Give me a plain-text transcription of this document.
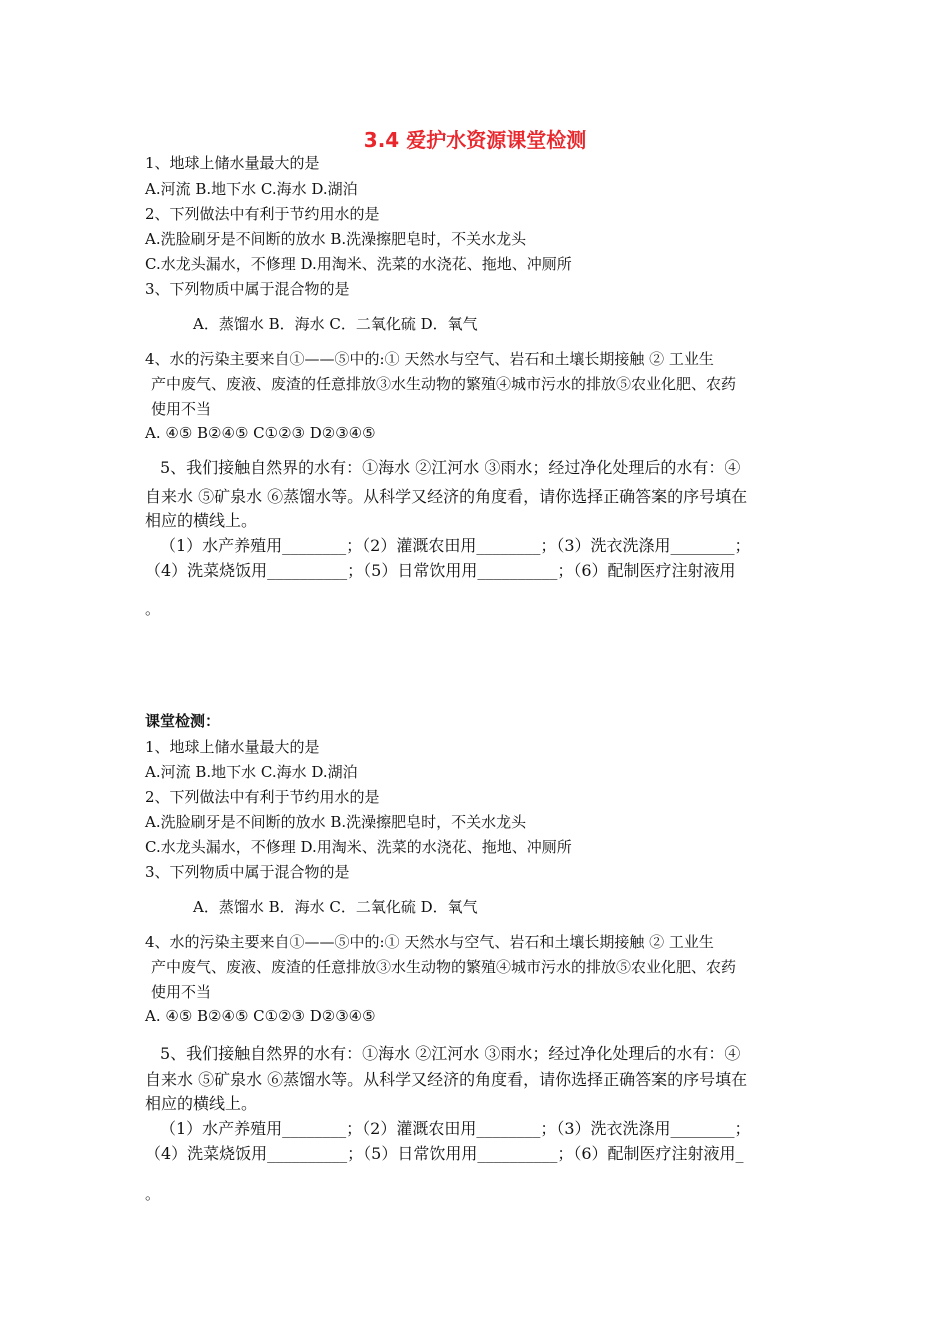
3.4 爱护水资源课堂检测
1、地球上储水量最大的是
A.河流 B.地下水 C.海水 D.湖泊
2、下列做法中有利于节约用水的是
A.洗脸刷牙是不间断的放水 B.洗澡擦肥皂时，不关水龙头
C.水龙头漏水，不修理 D.用淘米、洗菜的水浇花、拖地、冲厕所
3、下列物质中属于混合物的是
A．蒸馏水 B．海水 C．二氧化硫 D．氧气
4、水的污染主要来自①——⑤中的:① 天然水与空气、岩石和土壤长期接触 ② 工业生
产中废气、废液、废渣的任意排放③水生动物的繁殖④城市污水的排放⑤农业化肥、农药
使用不当
A. ④⑤ B②④⑤ C①②③ D②③④⑤
5、我们接触自然界的水有：①海水 ②江河水 ③雨水；经过净化处理后的水有：④
自来水 ⑤矿泉水 ⑥蒸馏水等。从科学又经济的角度看，请你选择正确答案的序号填在
相应的横线上。
（1）水产养殖用________；（2）灌溉农田用________；（3）洗衣洗涤用________；
（4）洗菜烧饭用__________；（5）日常饮用用__________；（6）配制医疗注射液用
。
课堂检测：
1、地球上储水量最大的是
A.河流 B.地下水 C.海水 D.湖泊
2、下列做法中有利于节约用水的是
A.洗脸刷牙是不间断的放水 B.洗澡擦肥皂时，不关水龙头
C.水龙头漏水，不修理 D.用淘米、洗菜的水浇花、拖地、冲厕所
3、下列物质中属于混合物的是
A．蒸馏水 B．海水 C．二氧化硫 D．氧气
4、水的污染主要来自①——⑤中的:① 天然水与空气、岩石和土壤长期接触 ② 工业生
产中废气、废液、废渣的任意排放③水生动物的繁殖④城市污水的排放⑤农业化肥、农药
使用不当
A. ④⑤ B②④⑤ C①②③ D②③④⑤
5、我们接触自然界的水有：①海水 ②江河水 ③雨水；经过净化处理后的水有：④
自来水 ⑤矿泉水 ⑥蒸馏水等。从科学又经济的角度看，请你选择正确答案的序号填在
相应的横线上。
（1）水产养殖用________；（2）灌溉农田用________；（3）洗衣洗涤用________；
（4）洗菜烧饭用__________；（5）日常饮用用__________；（6）配制医疗注射液用_
。
